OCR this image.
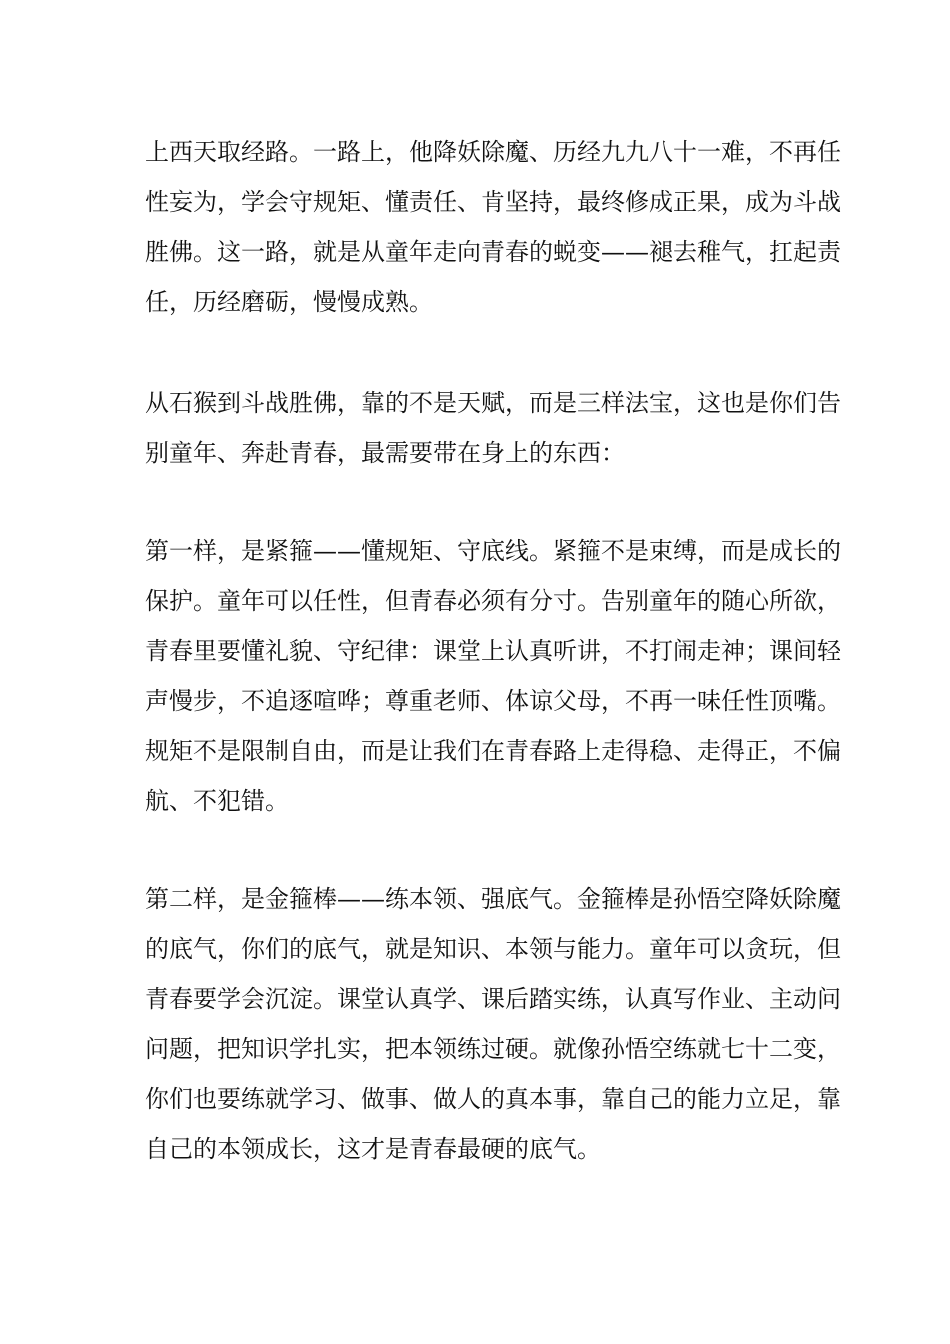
上西天取经路。一路上，他降妖除魔、历经九九八十一难，不再任
性妄为，学会守规矩、懂责任、肯坚持，最终修成正果，成为斗战
胜佛。这一路，就是从童年走向青春的蜕变——褪去稚气，扛起责
任，历经磨砺，慢慢成熟。
从石猴到斗战胜佛，靠的不是天赋，而是三样法宝，这也是你们告
别童年、奔赴青春，最需要带在身上的东西：
第一样，是紧箍——懂规矩、守底线。紧箍不是束缚，而是成长的
保护。童年可以任性，但青春必须有分寸。告别童年的随心所欲，
青春里要懂礼貌、守纪律：课堂上认真听讲，不打闹走神；课间轻
声慢步，不追逐喧哗；尊重老师、体谅父母，不再一味任性顶嘴。
规矩不是限制自由，而是让我们在青春路上走得稳、走得正，不偏
航、不犯错。
第二样，是金箍棒——练本领、强底气。金箍棒是孙悟空降妖除魔
的底气，你们的底气，就是知识、本领与能力。童年可以贪玩，但
青春要学会沉淀。课堂认真学、课后踏实练，认真写作业、主动问
问题，把知识学扎实，把本领练过硬。就像孙悟空练就七十二变，
你们也要练就学习、做事、做人的真本事，靠自己的能力立足，靠
自己的本领成长，这才是青春最硬的底气。
